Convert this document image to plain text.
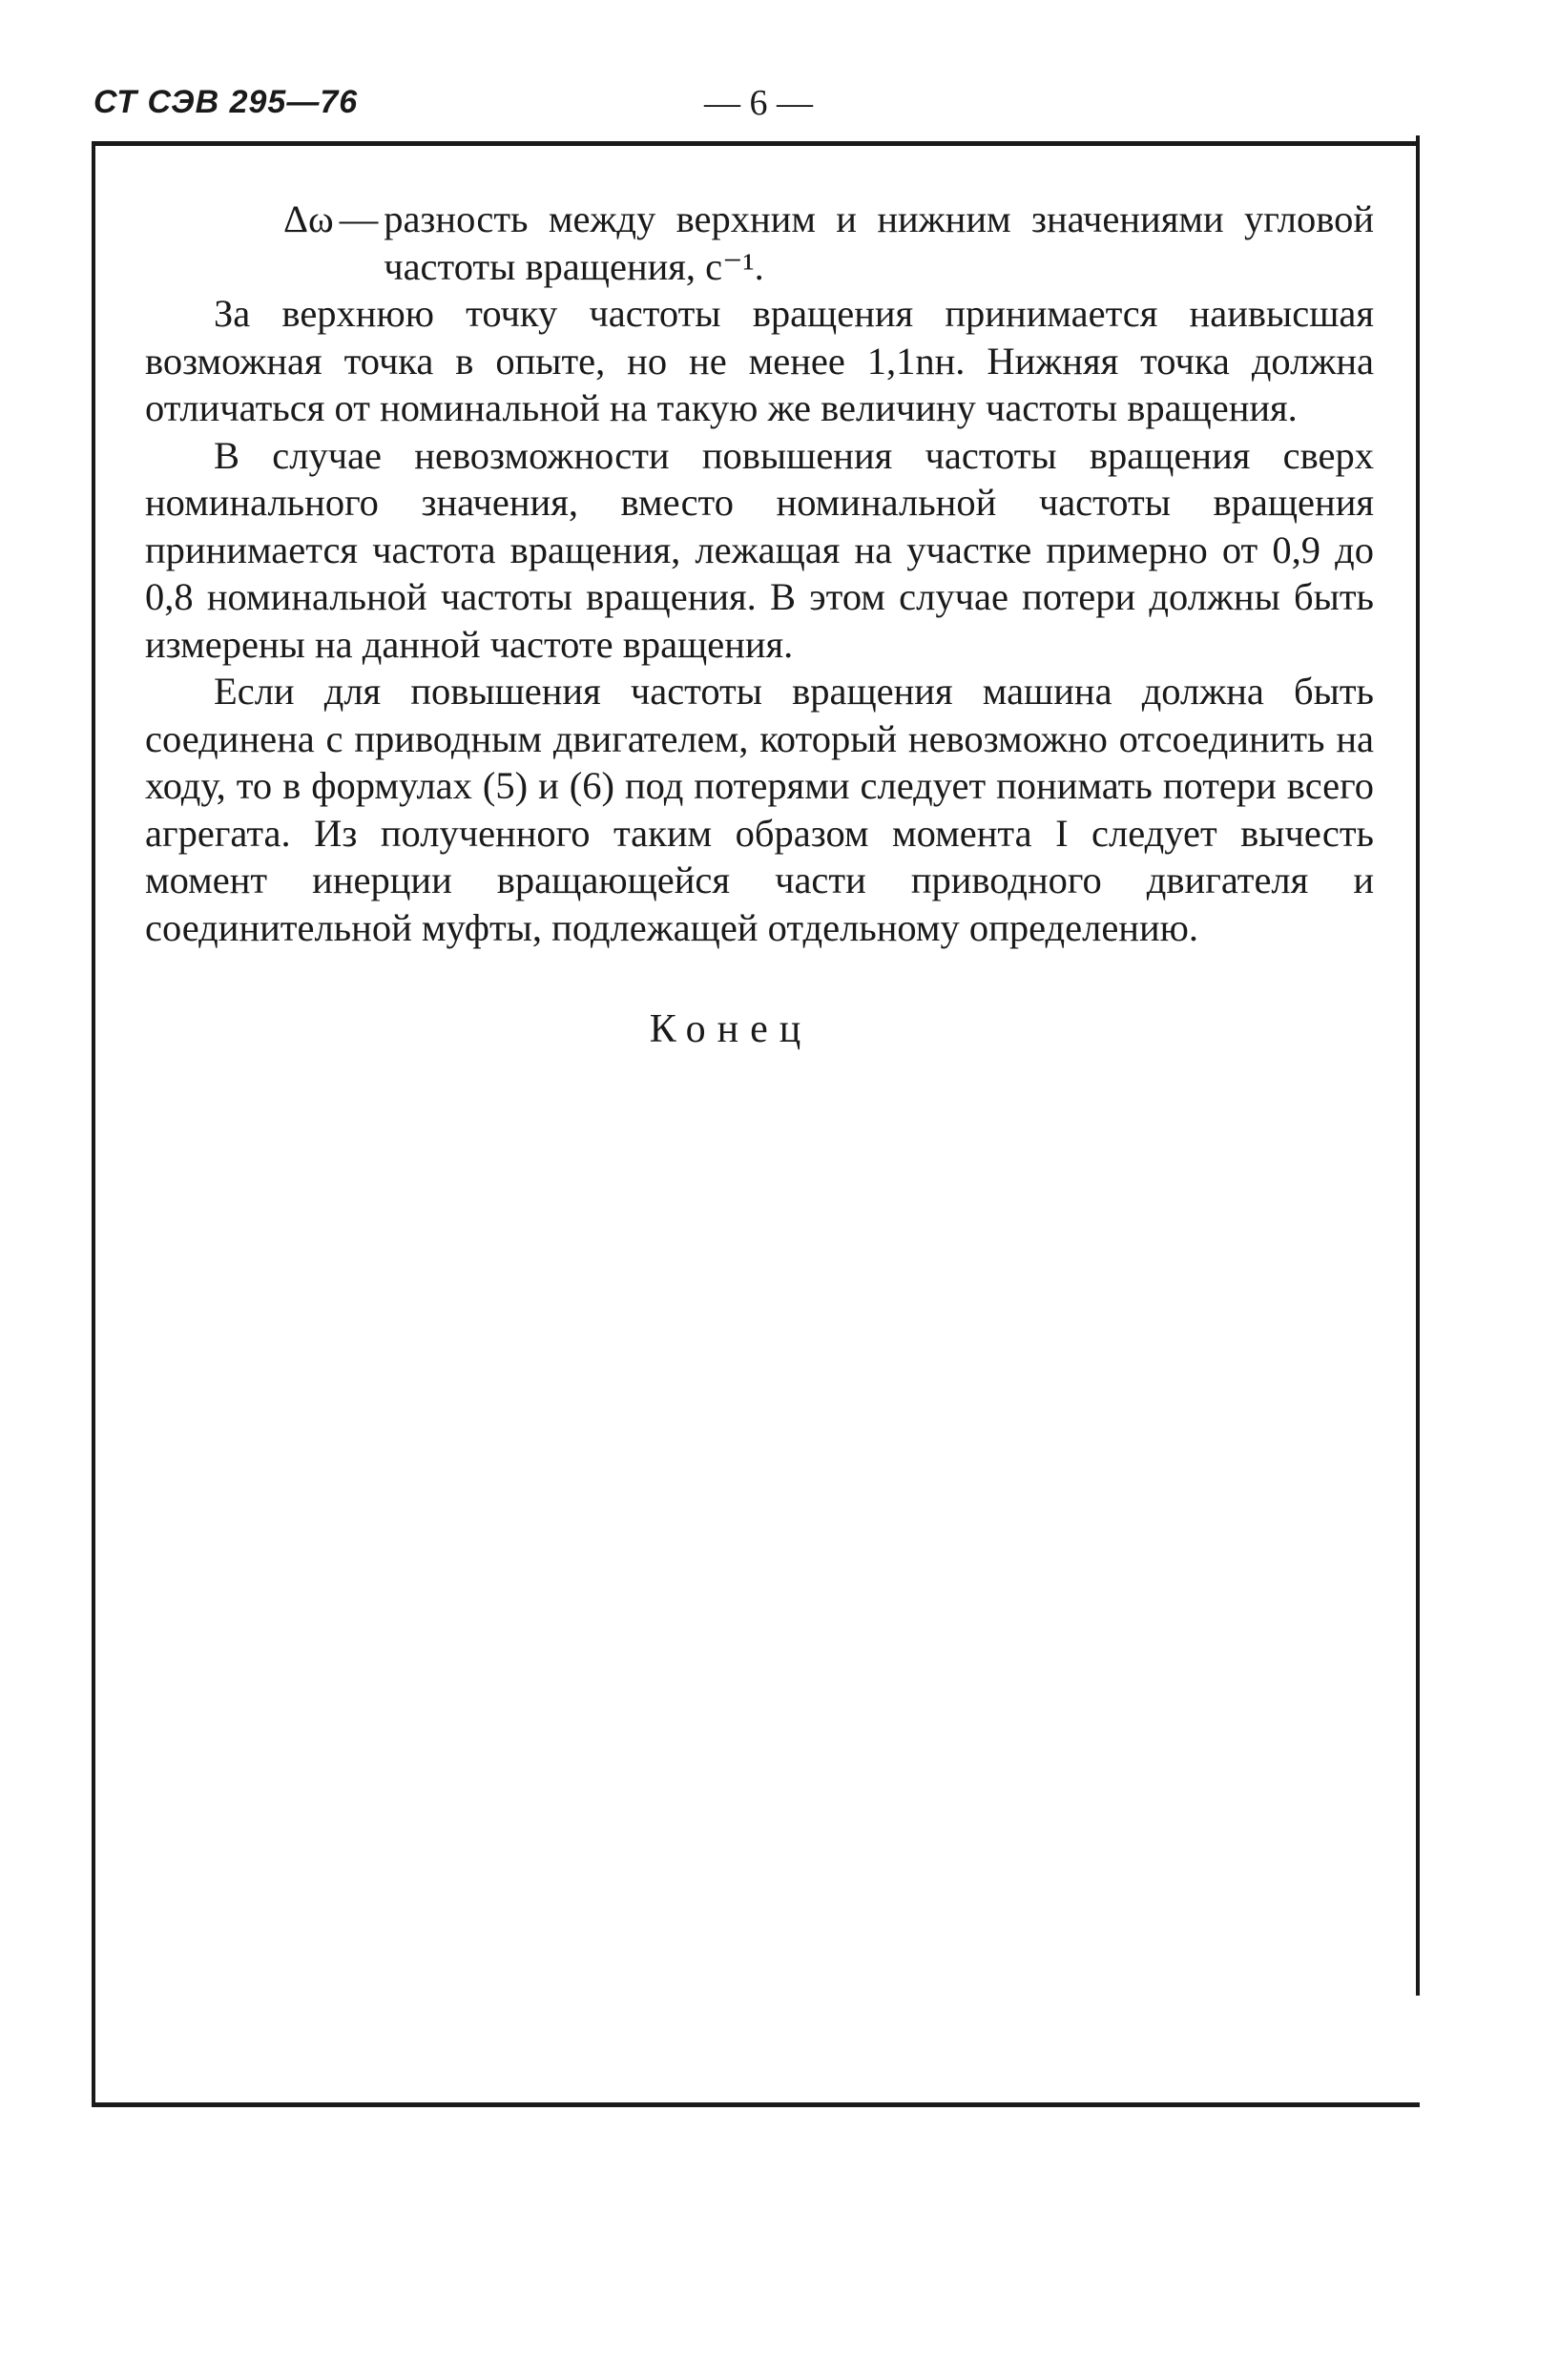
СТ СЭВ 295—76	— 6 —
Δω — разность между верхним и нижним значениями угловой частоты вращения, с⁻¹.

За верхнюю точку частоты вращения принимается наивысшая возможная точка в опыте, но не менее 1,1nн. Нижняя точка должна отличаться от номинальной на такую же величину частоты вращения.

В случае невозможности повышения частоты вращения сверх номинального значения, вместо номинальной частоты вращения принимается частота вращения, лежащая на участке примерно от 0,9 до 0,8 номинальной частоты вращения. В этом случае потери должны быть измерены на данной частоте вращения.

Если для повышения частоты вращения машина должна быть соединена с приводным двигателем, который невозможно отсоединить на ходу, то в формулах (5) и (6) под потерями следует понимать потери всего агрегата. Из полученного таким образом момента I следует вычесть момент инерции вращающейся части приводного двигателя и соединительной муфты, подлежащей отдельному определению.

Конец
